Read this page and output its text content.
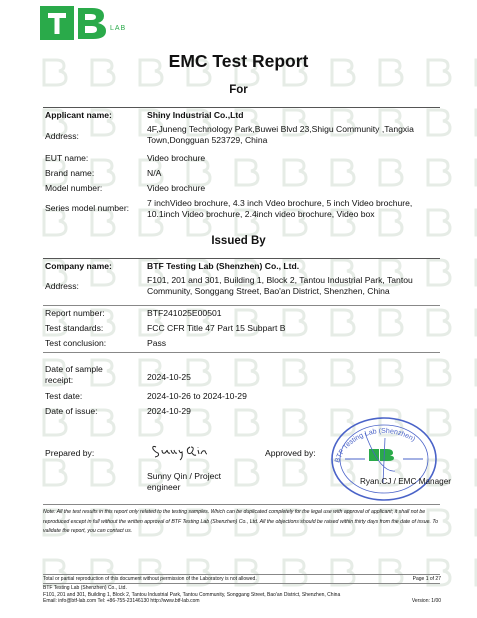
LAB
EMC Test Report
For
Applicant name:	Shiny Industrial Co.,Ltd
Address:
4F,Juneng Technology Park,Buwei Blvd 23,Shigu Community ,Tangxia Town,Dongguan 523729, China
EUT name:	Video brochure
Brand name:	N/A
Model number:	Video brochure
Series model number: 7 inchVideo brochure, 4.3 inch Vdeo brochure, 5 inch Video brochure, 10.1inch Video brochure, 2.4inch video brochure, Video box
Issued By
Company name:	BTF Testing Lab (Shenzhen) Co., Ltd.
Address:
F101, 201 and 301, Building 1, Block 2, Tantou Industrial Park, Tantou Community, Songgang Street, Bao'an District, Shenzhen, China
Report number:	BTF241025E00501
Test standards:	FCC CFR Title 47 Part 15 Subpart B
Test conclusion:	Pass
Date of sample receipt:	2024-10-25
Test date:	2024-10-26 to 2024-10-29
Date of issue:	2024-10-29
Prepared by:
Sunny Qin / Project engineer
Approved by:
BTF Testing Lab (Shenzhen)
Ryan.CJ / EMC Manager
Note: All the test results in this report only related to the testing samples. Which can be duplicated completely for the legal use with approval of applicant; it shall not be reproduced except in full without the written approval of BTF Testing Lab (Shenzhen) Co., Ltd. All the objections should be raised within thirty days from the date of issue. To validate the report, you can contact us.
Total or partial reproduction of this document without permission of the Laboratory is not allowed.	Page 1 of 27
BTF Testing Lab (Shenzhen) Co., Ltd.
F101, 201 and 301, Building 1, Block 2, Tantou Industrial Park, Tantou Community, Songgang Street, Bao'an District, Shenzhen, China
Email: info@btf-lab.com Tel: +86-755-23146130 http://www.btf-lab.com	Version: 1/00
